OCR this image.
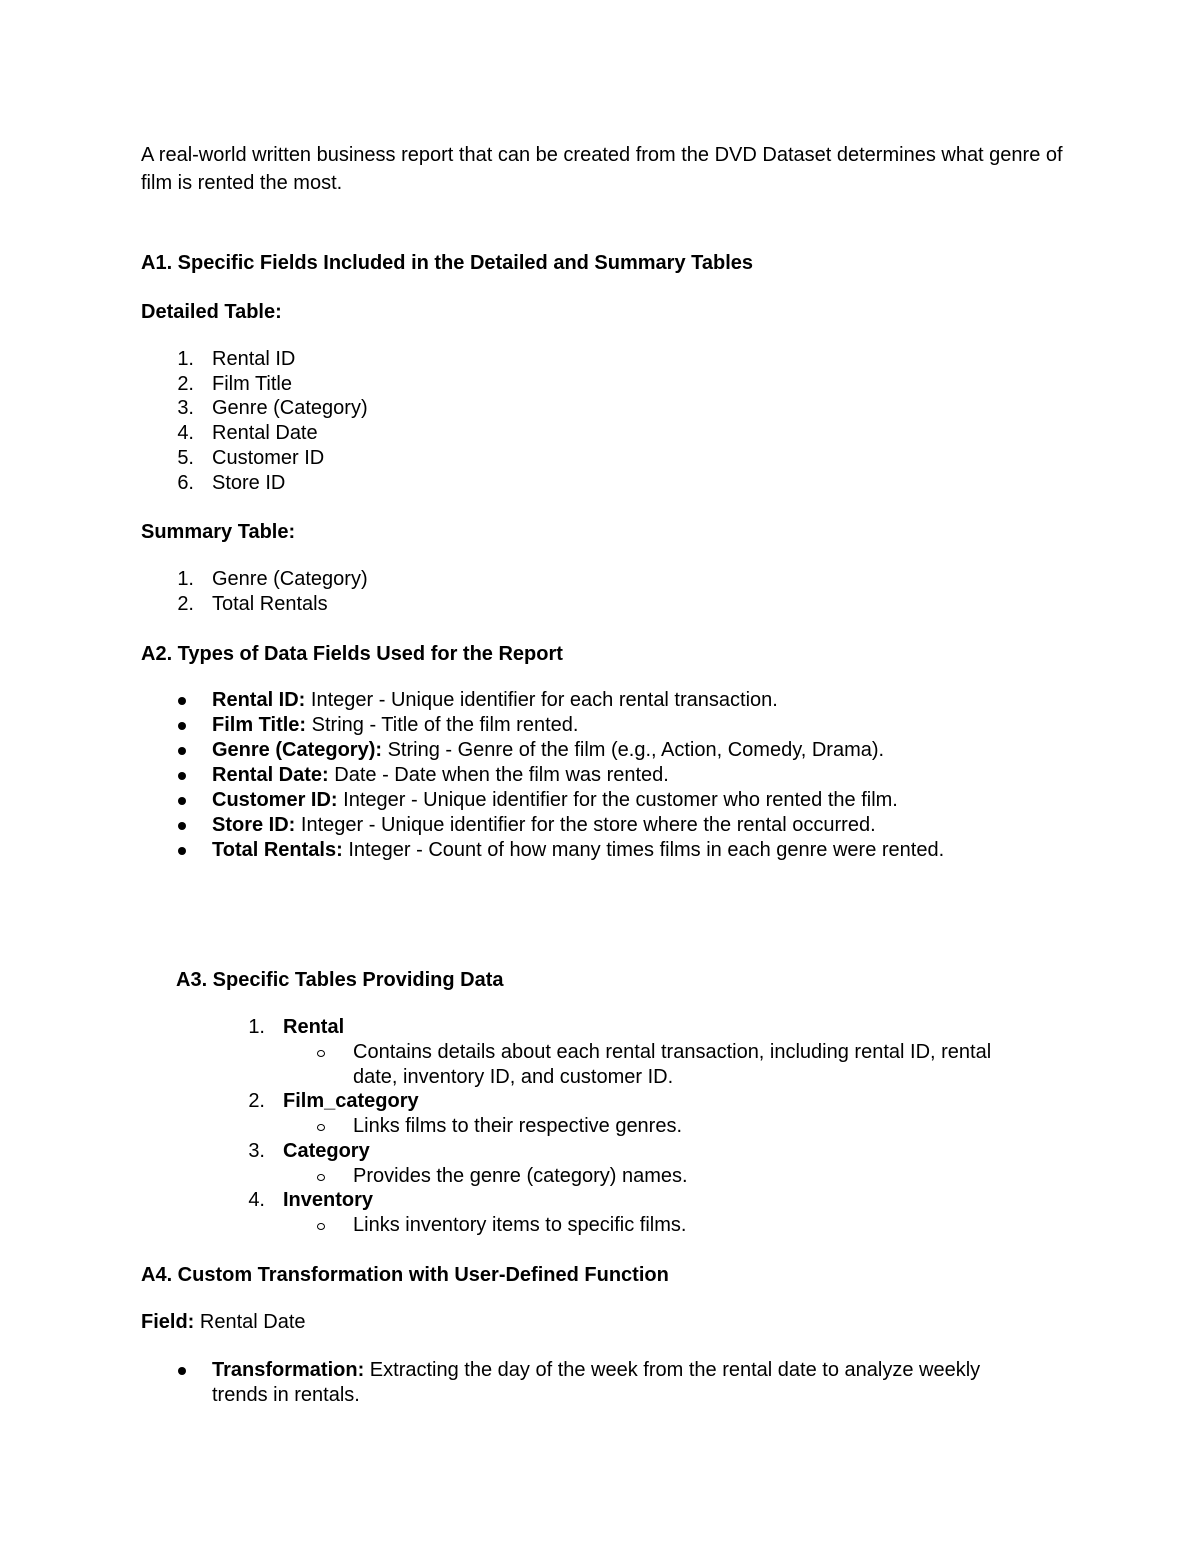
A real-world written business report that can be created from the DVD Dataset determines what genre of film is rented the most.

A1. Specific Fields Included in the Detailed and Summary Tables
Detailed Table:
1. Rental ID
2. Film Title
3. Genre (Category)
4. Rental Date
5. Customer ID
6. Store ID
Summary Table:
1. Genre (Category)
2. Total Rentals
A2. Types of Data Fields Used for the Report
Rental ID: Integer - Unique identifier for each rental transaction.
Film Title: String - Title of the film rented.
Genre (Category): String - Genre of the film (e.g., Action, Comedy, Drama).
Rental Date: Date - Date when the film was rented.
Customer ID: Integer - Unique identifier for the customer who rented the film.
Store ID: Integer - Unique identifier for the store where the rental occurred.
Total Rentals: Integer - Count of how many times films in each genre were rented.
A3. Specific Tables Providing Data
1. Rental
Contains details about each rental transaction, including rental ID, rental
date, inventory ID, and customer ID.
2. Film_category
Links films to their respective genres.
3. Category
Provides the genre (category) names.
4. Inventory
Links inventory items to specific films.
A4. Custom Transformation with User-Defined Function
Field: Rental Date
Transformation: Extracting the day of the week from the rental date to analyze weekly
trends in rentals.
